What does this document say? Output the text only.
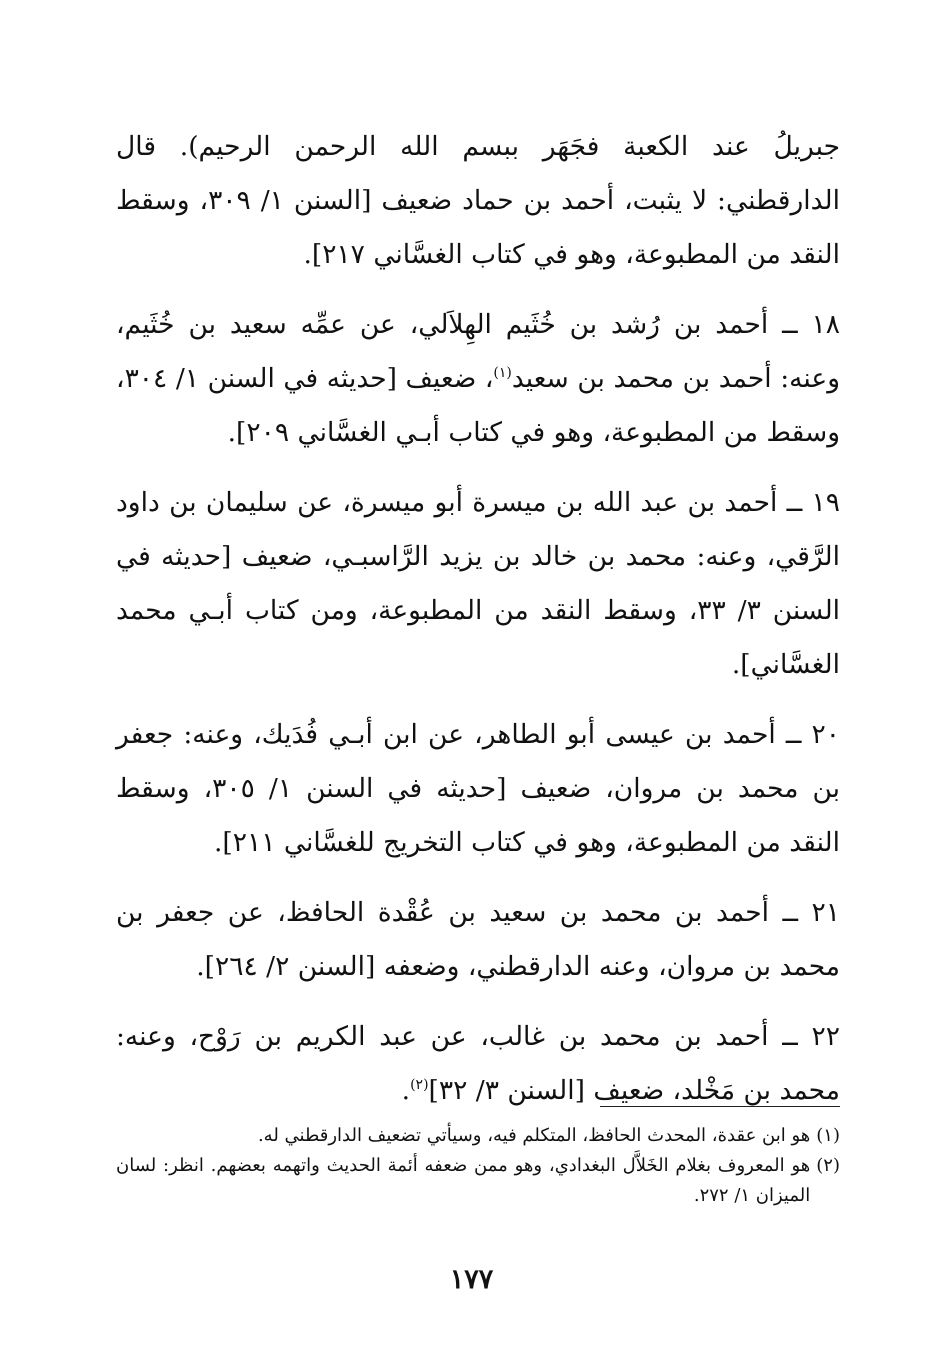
جبريلُ عند الكعبة فجَهَر ببسم الله الرحمن الرحيم). قال الدارقطني: لا يثبت، أحمد بن حماد ضعيف [السنن ١/ ٣٠٩، وسقط النقد من المطبوعة، وهو في كتاب الغسَّاني ٢١٧].

١٨ ــ أحمد بن رُشد بن خُثَيم الهِلاَلي، عن عمِّه سعيد بن خُثَيم، وعنه: أحمد بن محمد بن سعيد$^{(١)}$، ضعيف [حديثه في السنن ١/ ٣٠٤، وسقط من المطبوعة، وهو في كتاب أبـي الغسَّاني ٢٠٩].

١٩ ــ أحمد بن عبد الله بن ميسرة أبو ميسرة، عن سليمان بن داود الرَّقي، وعنه: محمد بن خالد بن يزيد الرَّاسبـي، ضعيف [حديثه في السنن ٣/ ٣٣، وسقط النقد من المطبوعة، ومن كتاب أبـي محمد الغسَّاني].

٢٠ ــ أحمد بن عيسى أبو الطاهر، عن ابن أبـي فُدَيك، وعنه: جعفر بن محمد بن مروان، ضعيف [حديثه في السنن ١/ ٣٠٥، وسقط النقد من المطبوعة، وهو في كتاب التخريج للغسَّاني ٢١١].

٢١ ــ أحمد بن محمد بن سعيد بن عُقْدة الحافظ، عن جعفر بن محمد بن مروان، وعنه الدارقطني، وضعفه [السنن ٢/ ٢٦٤].

٢٢ ــ أحمد بن محمد بن غالب، عن عبد الكريم بن رَوْح، وعنه: محمد بن مَخْلد، ضعيف [السنن ٣/ ٣٢]$^{(٢)}$.

(١)
هو ابن عقدة، المحدث الحافظ، المتكلم فيه، وسيأتي تضعيف الدارقطني له.

(٢)
هو المعروف بغلام الخَلاَّل البغدادي، وهو ممن ضعفه أئمة الحديث واتهمه بعضهم. انظر: لسان الميزان ١/ ٢٧٢.

١٧٧
